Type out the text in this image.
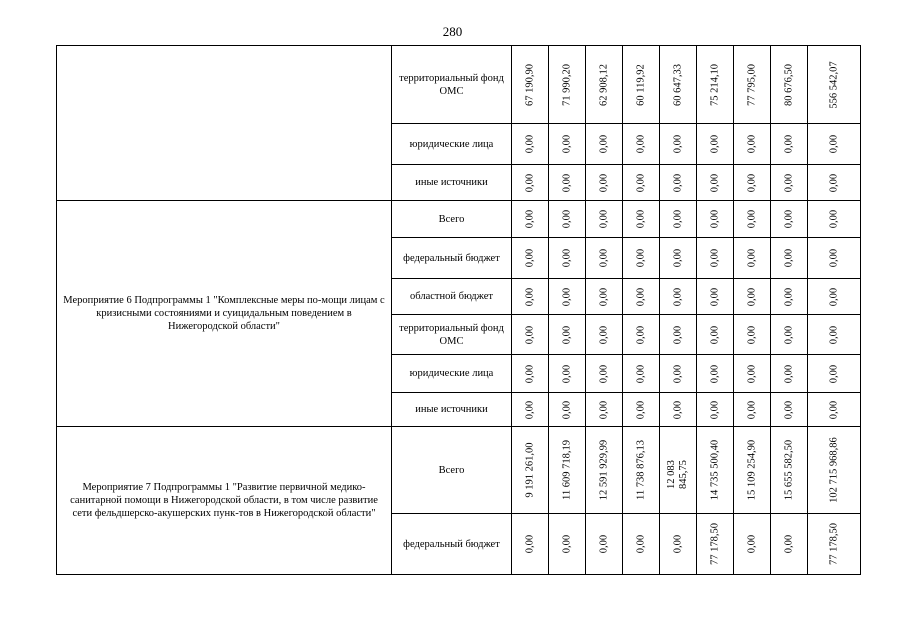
280
	территориальный фонд ОМС	67 190,90	71 990,20	62 908,12	60 119,92	60 647,33	75 214,10	77 795,00	80 676,50	556 542,07

	юридические лица	0,00	0,00	0,00	0,00	0,00	0,00	0,00	0,00	0,00

	иные источники	0,00	0,00	0,00	0,00	0,00	0,00	0,00	0,00	0,00

Мероприятие 6 Подпрограммы 1 "Комплексные меры по-мощи лицам с кризисными состояниями и суицидальным поведением в Нижегородской области"	Всего	0,00	0,00	0,00	0,00	0,00	0,00	0,00	0,00	0,00

	федеральный бюджет	0,00	0,00	0,00	0,00	0,00	0,00	0,00	0,00	0,00

	областной бюджет	0,00	0,00	0,00	0,00	0,00	0,00	0,00	0,00	0,00

	территориальный фонд ОМС	0,00	0,00	0,00	0,00	0,00	0,00	0,00	0,00	0,00

	юридические лица	0,00	0,00	0,00	0,00	0,00	0,00	0,00	0,00	0,00

	иные источники	0,00	0,00	0,00	0,00	0,00	0,00	0,00	0,00	0,00

Мероприятие 7 Подпрограммы 1 "Развитие первичной медико-санитарной помощи в Нижегородской области, в том числе развитие сети фельдшерско-акушерских пунк-тов в Нижегородской области"	Всего	9 191 261,00	11 609 718,19	12 591 929,99	11 738 876,13	12 083 845,75	14 735 500,40	15 109 254,90	15 655 582,50	102 715 968,86

	федеральный бюджет	0,00	0,00	0,00	0,00	0,00	77 178,50	0,00	0,00	77 178,50
